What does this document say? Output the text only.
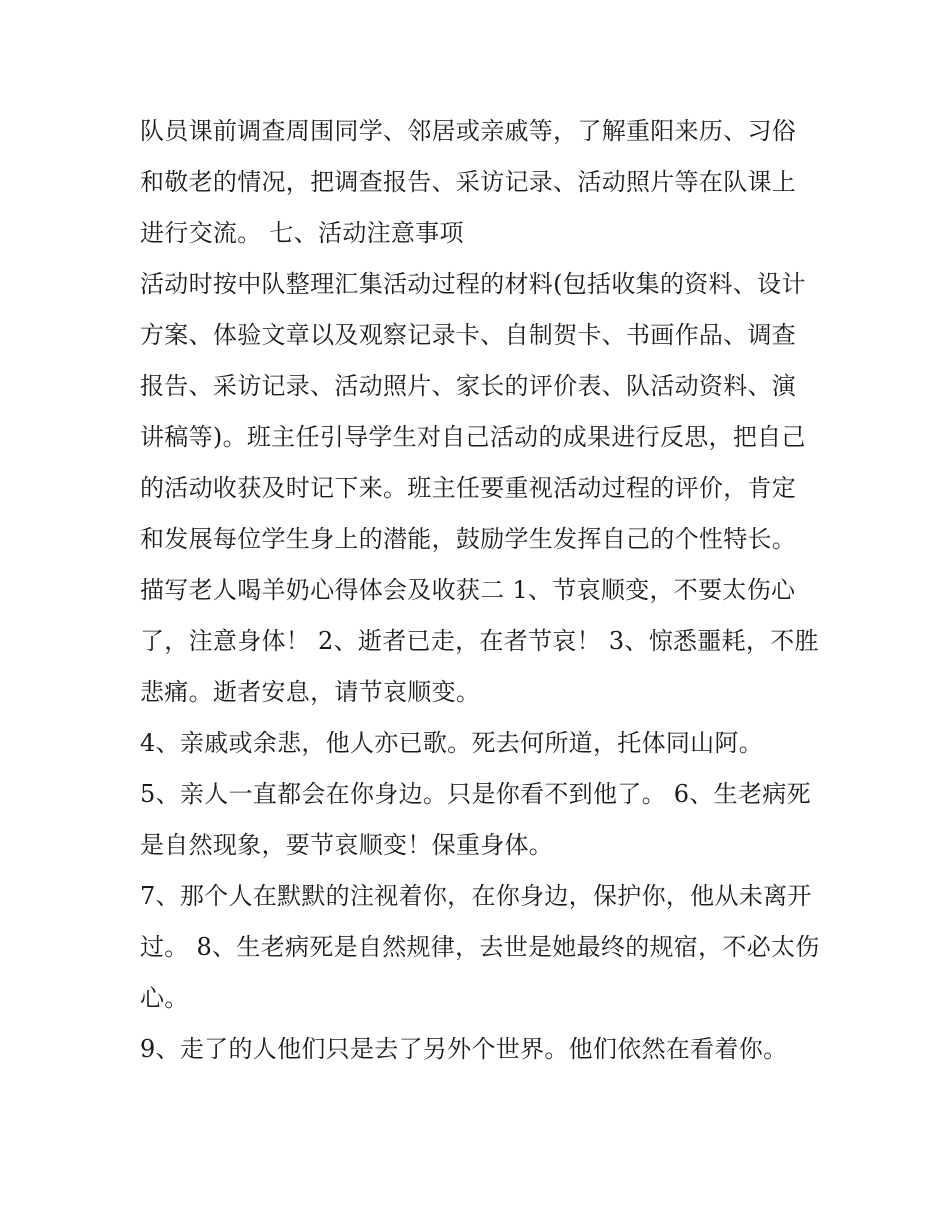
队员课前调查周围同学、邻居或亲戚等，了解重阳来历、习俗和敬老的情况，把调查报告、采访记录、活动照片等在队课上进行交流。 七、活动注意事项

活动时按中队整理汇集活动过程的材料(包括收集的资料、设计方案、体验文章以及观察记录卡、自制贺卡、书画作品、调查报告、采访记录、活动照片、家长的评价表、队活动资料、演讲稿等)。班主任引导学生对自己活动的成果进行反思，把自己的活动收获及时记下来。班主任要重视活动过程的评价，肯定和发展每位学生身上的潜能，鼓励学生发挥自己的个性特长。

描写老人喝羊奶心得体会及收获二 1、节哀顺变，不要太伤心了，注意身体！ 2、逝者已走，在者节哀！ 3、惊悉噩耗，不胜悲痛。逝者安息，请节哀顺变。

4、亲戚或余悲，他人亦已歌。死去何所道，托体同山阿。

5、亲人一直都会在你身边。只是你看不到他了。 6、生老病死是自然现象，要节哀顺变！保重身体。

7、那个人在默默的注视着你，在你身边，保护你，他从未离开过。 8、生老病死是自然规律，去世是她最终的规宿，不必太伤心。

9、走了的人他们只是去了另外个世界。他们依然在看着你。
